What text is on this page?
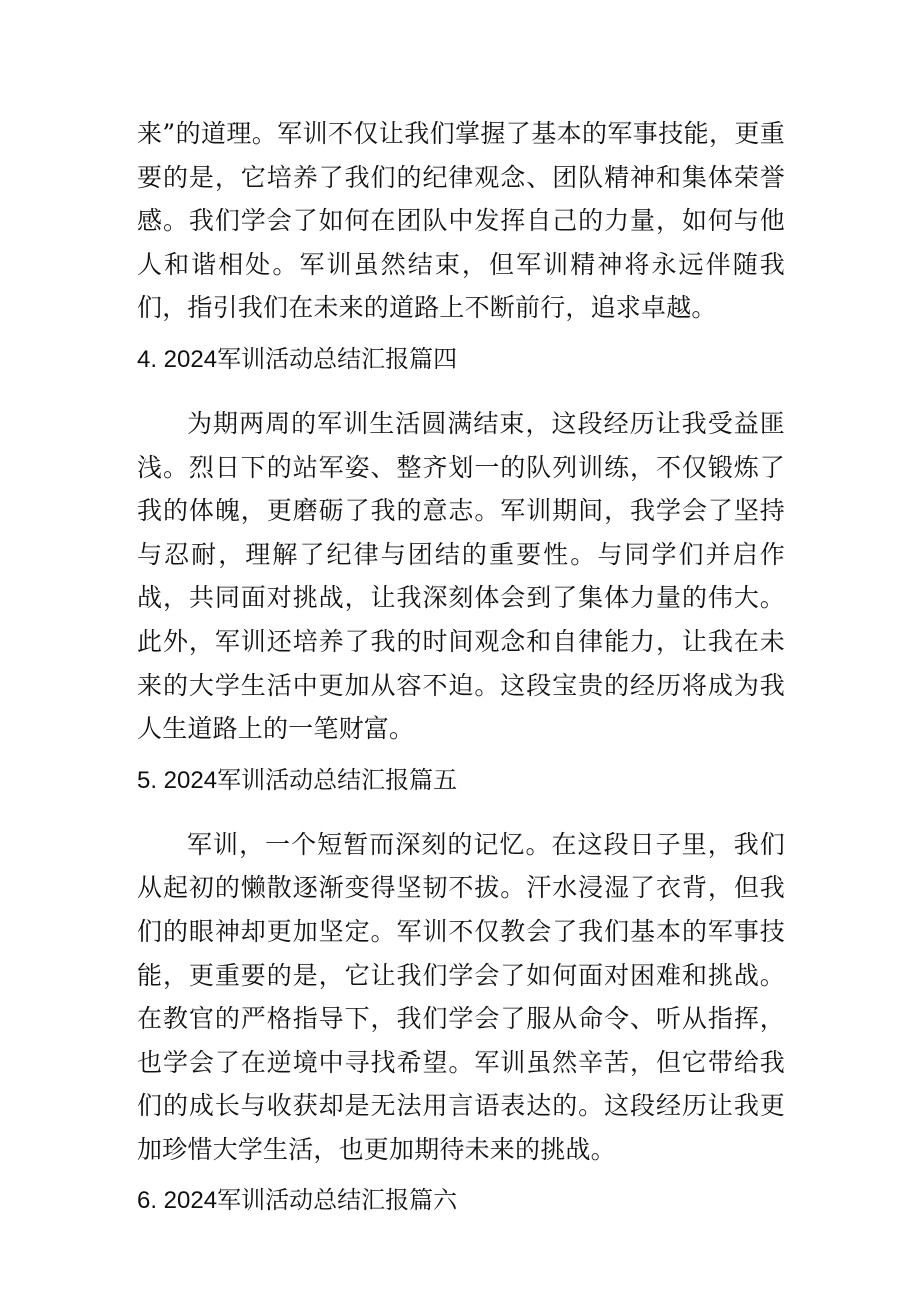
来”的道理。军训不仅让我们掌握了基本的军事技能，更重要的是，它培养了我们的纪律观念、团队精神和集体荣誉感。我们学会了如何在团队中发挥自己的力量，如何与他人和谐相处。军训虽然结束，但军训精神将永远伴随我们，指引我们在未来的道路上不断前行，追求卓越。

4. 2024军训活动总结汇报篇四

为期两周的军训生活圆满结束，这段经历让我受益匪浅。烈日下的站军姿、整齐划一的队列训练，不仅锻炼了我的体魄，更磨砺了我的意志。军训期间，我学会了坚持与忍耐，理解了纪律与团结的重要性。与同学们并启作战，共同面对挑战，让我深刻体会到了集体力量的伟大。此外，军训还培养了我的时间观念和自律能力，让我在未来的大学生活中更加从容不迫。这段宝贵的经历将成为我人生道路上的一笔财富。

5. 2024军训活动总结汇报篇五

军训，一个短暂而深刻的记忆。在这段日子里，我们从起初的懒散逐渐变得坚韧不拔。汗水浸湿了衣背，但我们的眼神却更加坚定。军训不仅教会了我们基本的军事技能，更重要的是，它让我们学会了如何面对困难和挑战。在教官的严格指导下，我们学会了服从命令、听从指挥，也学会了在逆境中寻找希望。军训虽然辛苦，但它带给我们的成长与收获却是无法用言语表达的。这段经历让我更加珍惜大学生活，也更加期待未来的挑战。

6. 2024军训活动总结汇报篇六
